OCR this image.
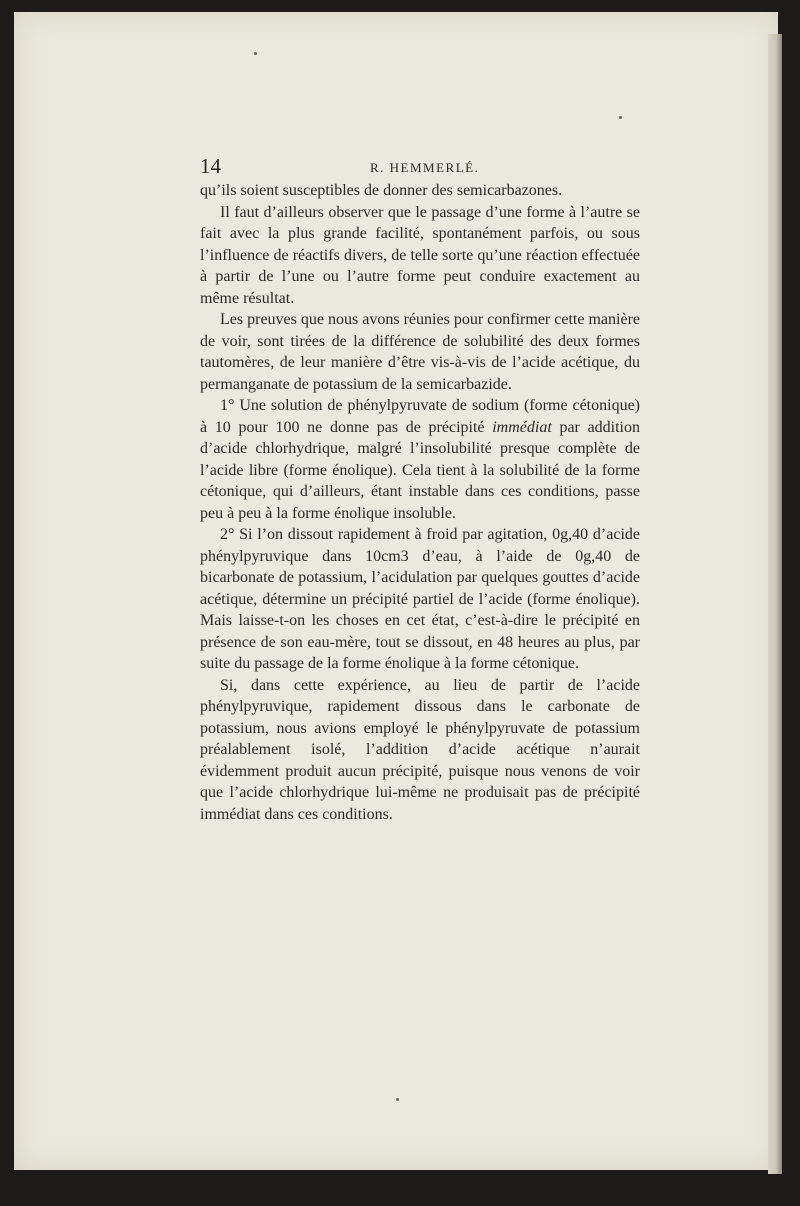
14	R. HEMMERLÉ.

qu’ils soient susceptibles de donner des semicarbazones.

Il faut d’ailleurs observer que le passage d’une forme à l’autre se fait avec la plus grande facilité, spontanément parfois, ou sous l’influence de réactifs divers, de telle sorte qu’une réaction effectuée à partir de l’une ou l’autre forme peut conduire exactement au même résultat.

Les preuves que nous avons réunies pour confirmer cette manière de voir, sont tirées de la différence de solubilité des deux formes tautomères, de leur manière d’être vis-à-vis de l’acide acétique, du permanganate de potassium de la semicarbazide.

1° Une solution de phénylpyruvate de sodium (forme cétonique) à 10 pour 100 ne donne pas de précipité immédiat par addition d’acide chlorhydrique, malgré l’insolubilité presque complète de l’acide libre (forme énolique). Cela tient à la solubilité de la forme cétonique, qui d’ailleurs, étant instable dans ces conditions, passe peu à peu à la forme énolique insoluble.

2° Si l’on dissout rapidement à froid par agitation, 0g,40 d’acide phénylpyruvique dans 10cm3 d’eau, à l’aide de 0g,40 de bicarbonate de potassium, l’acidulation par quelques gouttes d’acide acétique, détermine un précipité partiel de l’acide (forme énolique). Mais laisse-t-on les choses en cet état, c’est-à-dire le précipité en présence de son eau-mère, tout se dissout, en 48 heures au plus, par suite du passage de la forme énolique à la forme cétonique.

Si, dans cette expérience, au lieu de partir de l’acide phénylpyruvique, rapidement dissous dans le carbonate de potassium, nous avions employé le phénylpyruvate de potassium préalablement isolé, l’addition d’acide acétique n’aurait évidemment produit aucun précipité, puisque nous venons de voir que l’acide chlorhydrique lui-même ne produisait pas de précipité immédiat dans ces conditions.
